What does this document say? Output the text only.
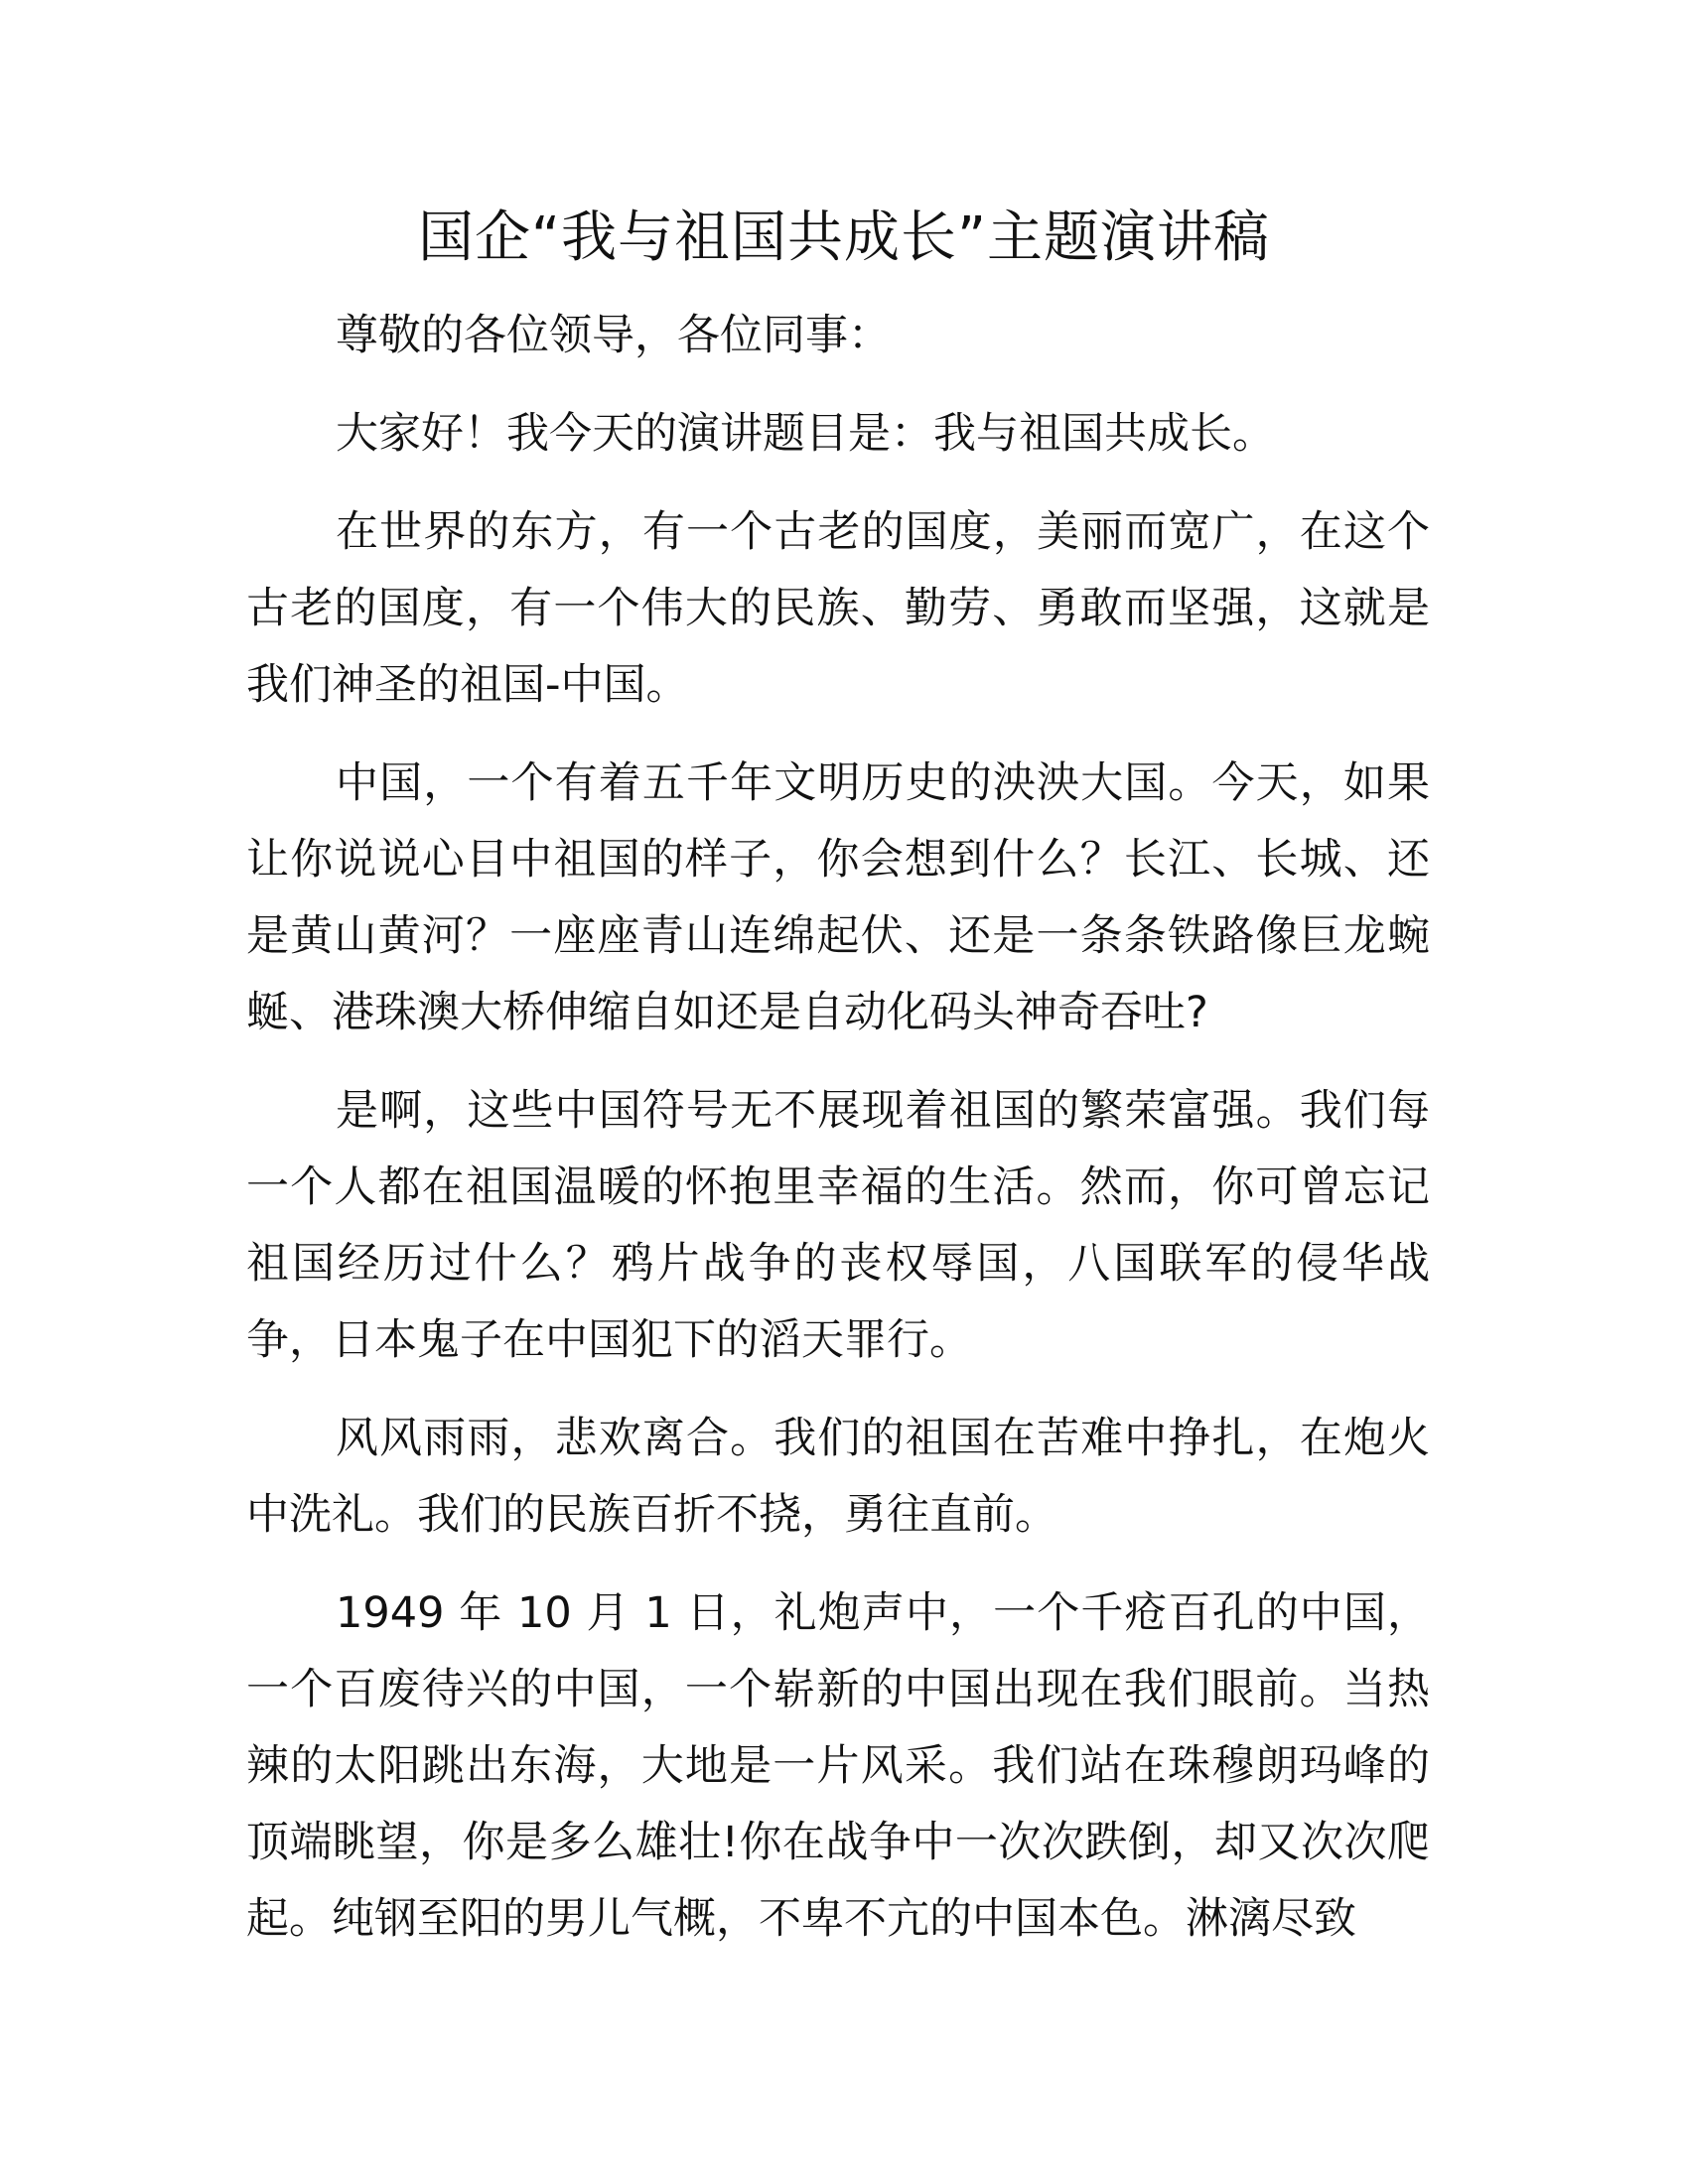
国企“我与祖国共成长”主题演讲稿

尊敬的各位领导，各位同事：

大家好！我今天的演讲题目是：我与祖国共成长。

在世界的东方，有一个古老的国度，美丽而宽广，在这个古老的国度，有一个伟大的民族、勤劳、勇敢而坚强，这就是我们神圣的祖国-中国。

中国，一个有着五千年文明历史的泱泱大国。今天，如果让你说说心目中祖国的样子，你会想到什么？长江、长城、还是黄山黄河？一座座青山连绵起伏、还是一条条铁路像巨龙蜿蜒、港珠澳大桥伸缩自如还是自动化码头神奇吞吐?

是啊，这些中国符号无不展现着祖国的繁荣富强。我们每一个人都在祖国温暖的怀抱里幸福的生活。然而，你可曾忘记祖国经历过什么？鸦片战争的丧权辱国，八国联军的侵华战争，日本鬼子在中国犯下的滔天罪行。

风风雨雨，悲欢离合。我们的祖国在苦难中挣扎，在炮火中洗礼。我们的民族百折不挠，勇往直前。

1949 年 10 月 1 日，礼炮声中，一个千疮百孔的中国，一个百废待兴的中国，一个崭新的中国出现在我们眼前。当热辣的太阳跳出东海，大地是一片风采。我们站在珠穆朗玛峰的顶端眺望，你是多么雄壮!你在战争中一次次跌倒，却又次次爬起。纯钢至阳的男儿气概，不卑不亢的中国本色。淋漓尽致
